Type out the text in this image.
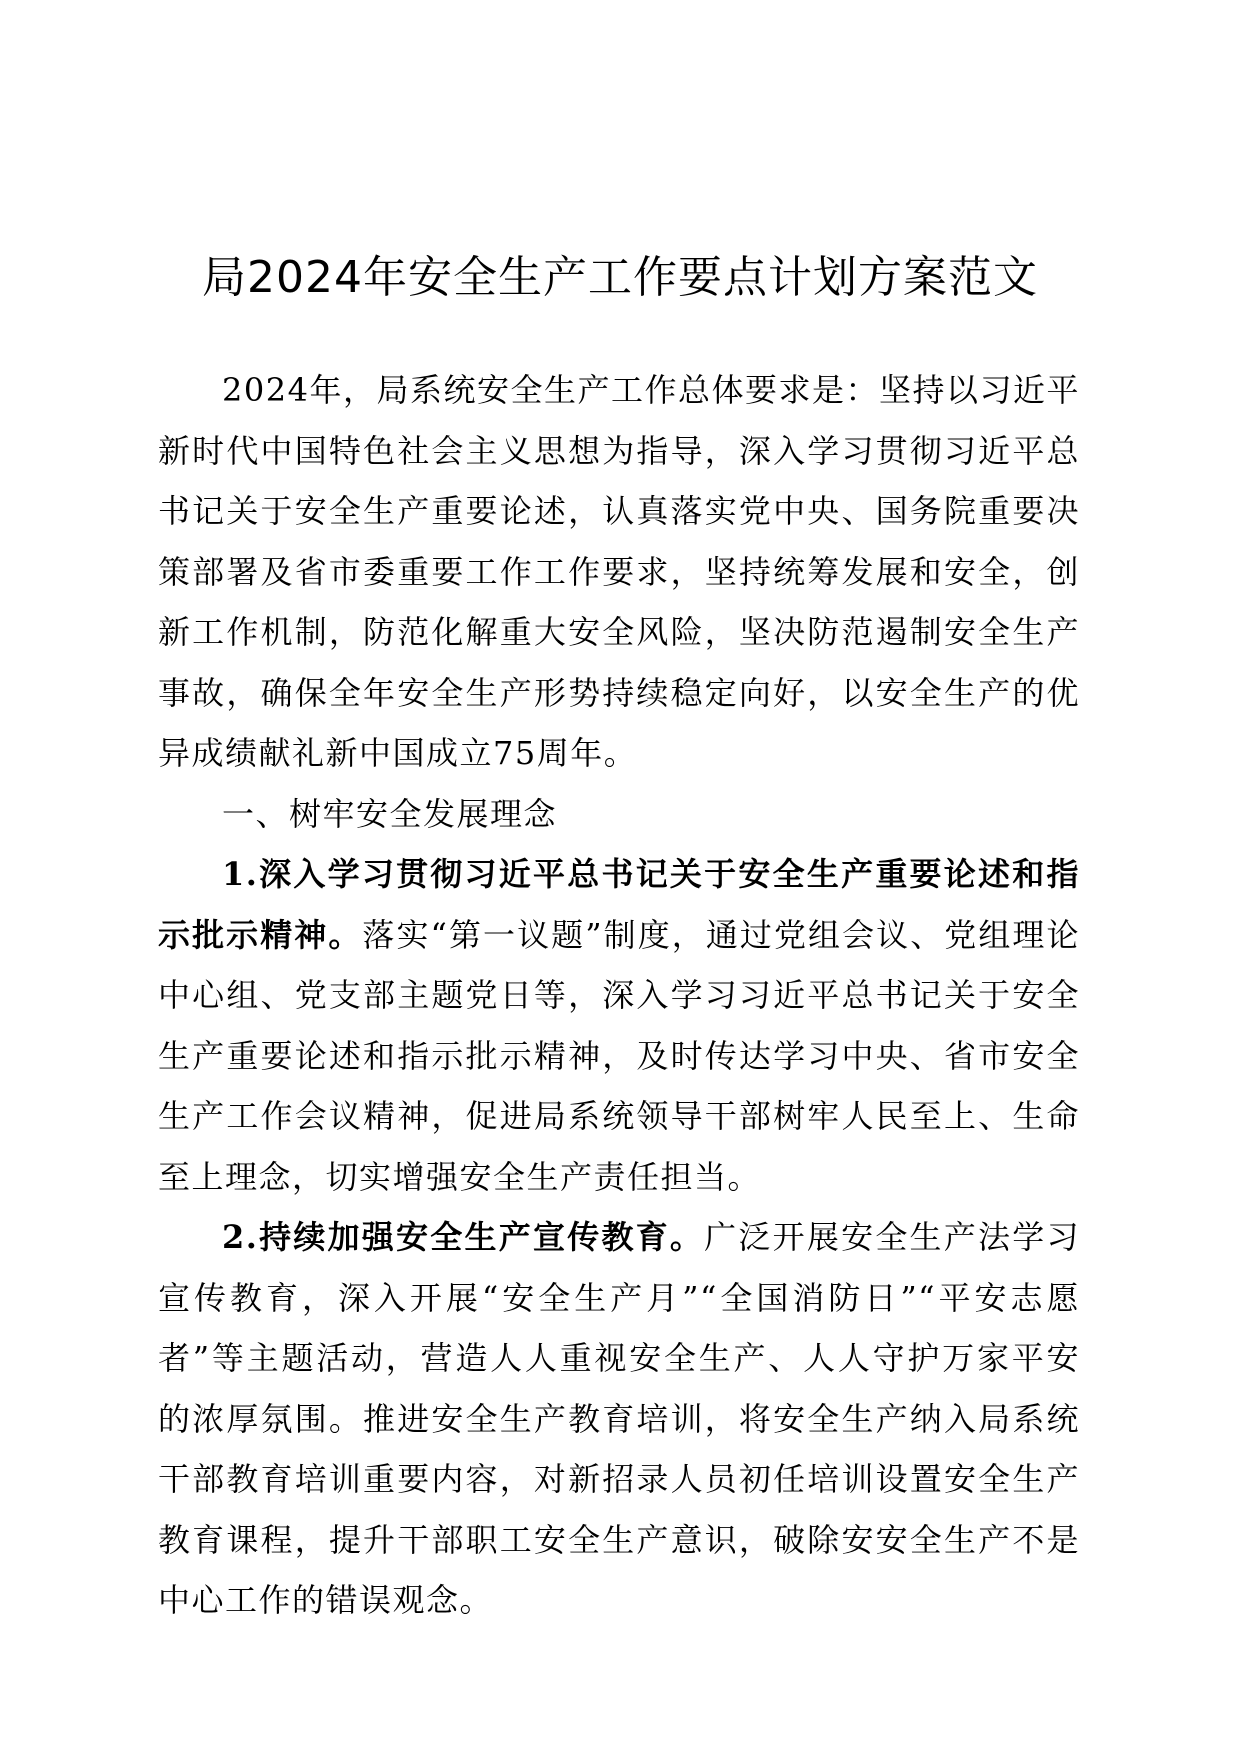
局2024年安全生产工作要点计划方案范文

2024年，局系统安全生产工作总体要求是：坚持以习近平新时代中国特色社会主义思想为指导，深入学习贯彻习近平总书记关于安全生产重要论述，认真落实党中央、国务院重要决策部署及省市委重要工作工作要求，坚持统筹发展和安全，创新工作机制，防范化解重大安全风险，坚决防范遏制安全生产事故，确保全年安全生产形势持续稳定向好，以安全生产的优异成绩献礼新中国成立75周年。

一、树牢安全发展理念

1.深入学习贯彻习近平总书记关于安全生产重要论述和指示批示精神。落实“第一议题”制度，通过党组会议、党组理论中心组、党支部主题党日等，深入学习习近平总书记关于安全生产重要论述和指示批示精神，及时传达学习中央、省市安全生产工作会议精神，促进局系统领导干部树牢人民至上、生命至上理念，切实增强安全生产责任担当。

2.持续加强安全生产宣传教育。广泛开展安全生产法学习宣传教育，深入开展“安全生产月”“全国消防日”“平安志愿者”等主题活动，营造人人重视安全生产、人人守护万家平安的浓厚氛围。推进安全生产教育培训，将安全生产纳入局系统干部教育培训重要内容，对新招录人员初任培训设置安全生产教育课程，提升干部职工安全生产意识，破除安安全生产不是中心工作的错误观念。
